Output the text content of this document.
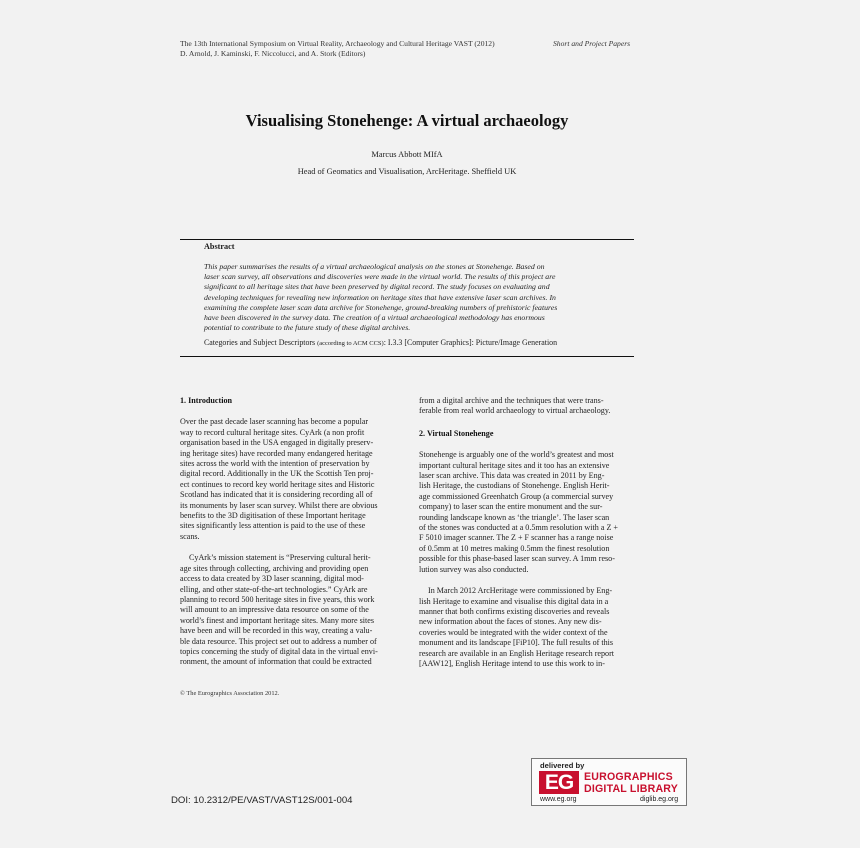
The 13th International Symposium on Virtual Reality, Archaeology and Cultural Heritage VAST (2012)
D. Arnold, J. Kaminski, F. Niccolucci, and A. Stork (Editors)
Short and Project Papers
Visualising Stonehenge: A virtual archaeology
Marcus Abbott MIfA
Head of Geomatics and Visualisation, ArcHeritage. Sheffield UK
Abstract
This paper summarises the results of a virtual archaeological analysis on the stones at Stonehenge. Based on
laser scan survey, all observations and discoveries were made in the virtual world. The results of this project are
significant to all heritage sites that have been preserved by digital record. The study focuses on evaluating and
developing techniques for revealing new information on heritage sites that have extensive laser scan archives. In
examining the complete laser scan data archive for Stonehenge, ground-breaking numbers of prehistoric features
have been discovered in the survey data. The creation of a virtual archaeological methodology has enormous
potential to contribute to the future study of these digital archives.
Categories and Subject Descriptors (according to ACM CCS): I.3.3 [Computer Graphics]: Picture/Image Generation
1. Introduction

Over the past decade laser scanning has become a popular

way to record cultural heritage sites. CyArk (a non profit

organisation based in the USA engaged in digitally preserv-

ing heritage sites) have recorded many endangered heritage

sites across the world with the intention of preservation by

digital record. Additionally in the UK the Scottish Ten proj-

ect continues to record key world heritage sites and Historic

Scotland has indicated that it is considering recording all of

its monuments by laser scan survey. Whilst there are obvious

benefits to the 3D digitisation of these Important heritage

sites significantly less attention is paid to the use of these

scans.

CyArk’s mission statement is “Preserving cultural herit-

age sites through collecting, archiving and providing open

access to data created by 3D laser scanning, digital mod-

elling, and other state-of-the-art technologies.” CyArk are

planning to record 500 heritage sites in five years, this work

will amount to an impressive data resource on some of the

world’s finest and important heritage sites. Many more sites

have been and will be recorded in this way, creating a valu-

ble data resource. This project set out to address a number of

topics concerning the study of digital data in the virtual envi-

ronment, the amount of information that could be extracted

from a digital archive and the techniques that were trans-

ferable from real world archaeology to virtual archaeology.

2. Virtual Stonehenge

Stonehenge is arguably one of the world’s greatest and most

important cultural heritage sites and it too has an extensive

laser scan archive. This data was created in 2011 by Eng-

lish Heritage, the custodians of Stonehenge. English Herit-

age commissioned Greenhatch Group (a commercial survey

company) to laser scan the entire monument and the sur-

rounding landscape known as ‘the triangle’. The laser scan

of the stones was conducted at a 0.5mm resolution with a Z +

F 5010 imager scanner. The Z + F scanner has a range noise

of 0.5mm at 10 metres making 0.5mm the finest resolution

possible for this phase-based laser scan survey. A 1mm reso-

lution survey was also conducted.

In March 2012 ArcHeritage were commissioned by Eng-

lish Heritage to examine and visualise this digital data in a

manner that both confirms existing discoveries and reveals

new information about the faces of stones. Any new dis-

coveries would be integrated with the wider context of the

monument and its landscape [FiP10]. The full results of this

research are available in an English Heritage research report

[AAW12], English Heritage intend to use this work to in-

© The Eurographics Association 2012.
DOI: 10.2312/PE/VAST/VAST12S/001-004
delivered by
EG	EUROGRAPHICS
DIGITAL LIBRARY
www.eg.org	diglib.eg.org
